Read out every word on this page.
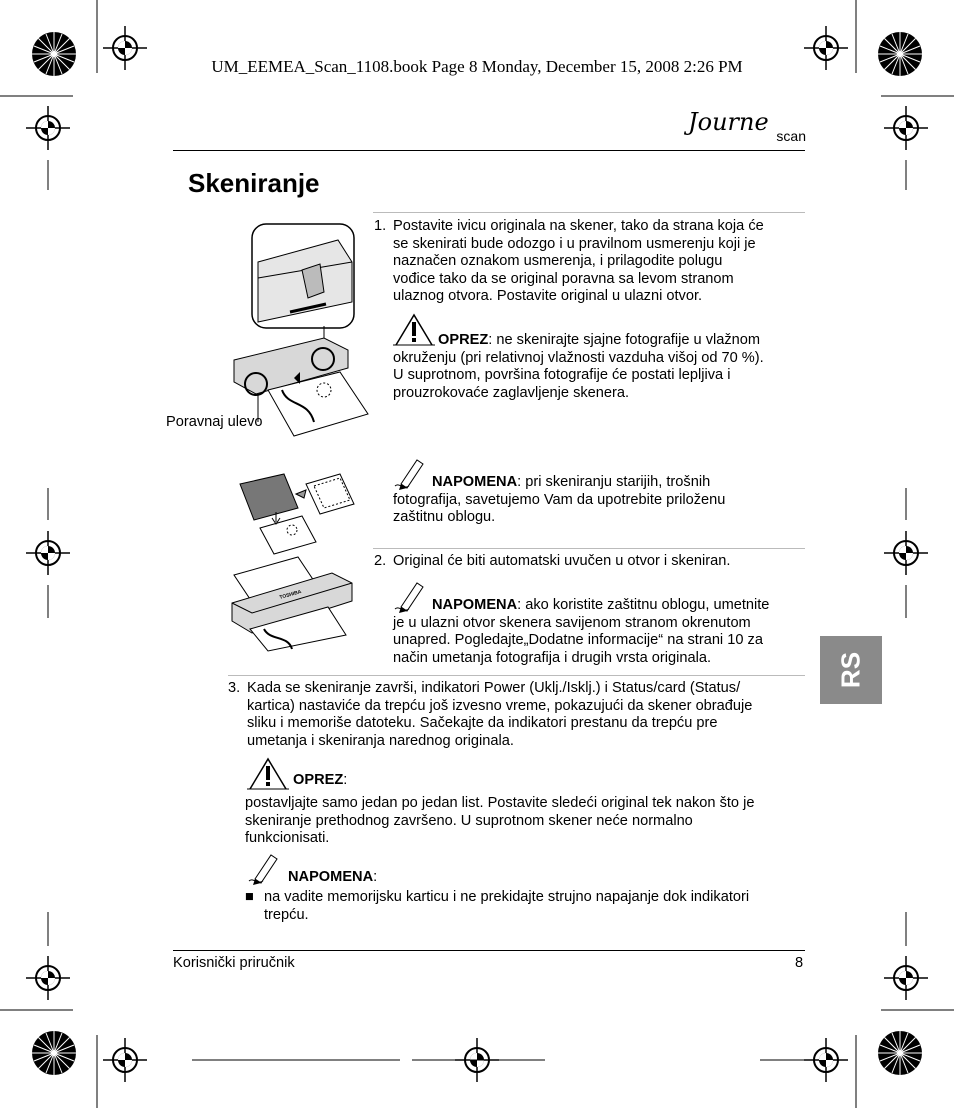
UM_EEMEA_Scan_1108.book Page 8 Monday, December 15, 2008 2:26 PM
Journe scan
Skeniranje
Poravnaj ulevo
1. Postavite ivicu originala na skener, tako da strana koja će
se skenirati bude odozgo i u pravilnom usmerenju koji je
naznačen oznakom usmerenja, i prilagodite polugu
vođice tako da se original poravna sa levom stranom
ulaznog otvora. Postavite original u ulazni otvor.
OPREZ: ne skenirajte sjajne fotografije u vlažnom
okruženju (pri relativnoj vlažnosti vazduha višoj od 70 %).
U suprotnom, površina fotografije će postati lepljiva i
prouzrokovaće zaglavljenje skenera.
NAPOMENA: pri skeniranju starijih, trošnih
fotografija, savetujemo Vam da upotrebite priloženu
zaštitnu oblogu.
TOSHIBA
2. Original će biti automatski uvučen u otvor i skeniran.
NAPOMENA: ako koristite zaštitnu oblogu, umetnite
je u ulazni otvor skenera savijenom stranom okrenutom
unapred. Pogledajte„Dodatne informacije“ na strani 10 za
način umetanja fotografija i drugih vrsta originala.	RS
3. Kada se skeniranje završi, indikatori Power (Uklj./Isklj.) i Status/card (Status/
kartica) nastaviće da trepću još izvesno vreme, pokazujući da skener obrađuje
sliku i memoriše datoteku. Sačekajte da indikatori prestanu da trepću pre
umetanja i skeniranja narednog originala.
OPREZ:
postavljajte samo jedan po jedan list. Postavite sledeći original tek nakon što je
skeniranje prethodnog završeno. U suprotnom skener neće normalno
funkcionisati.
NAPOMENA:
■ na vadite memorijsku karticu i ne prekidajte strujno napajanje dok indikatori
trepću.
Korisnički priručnik	8
